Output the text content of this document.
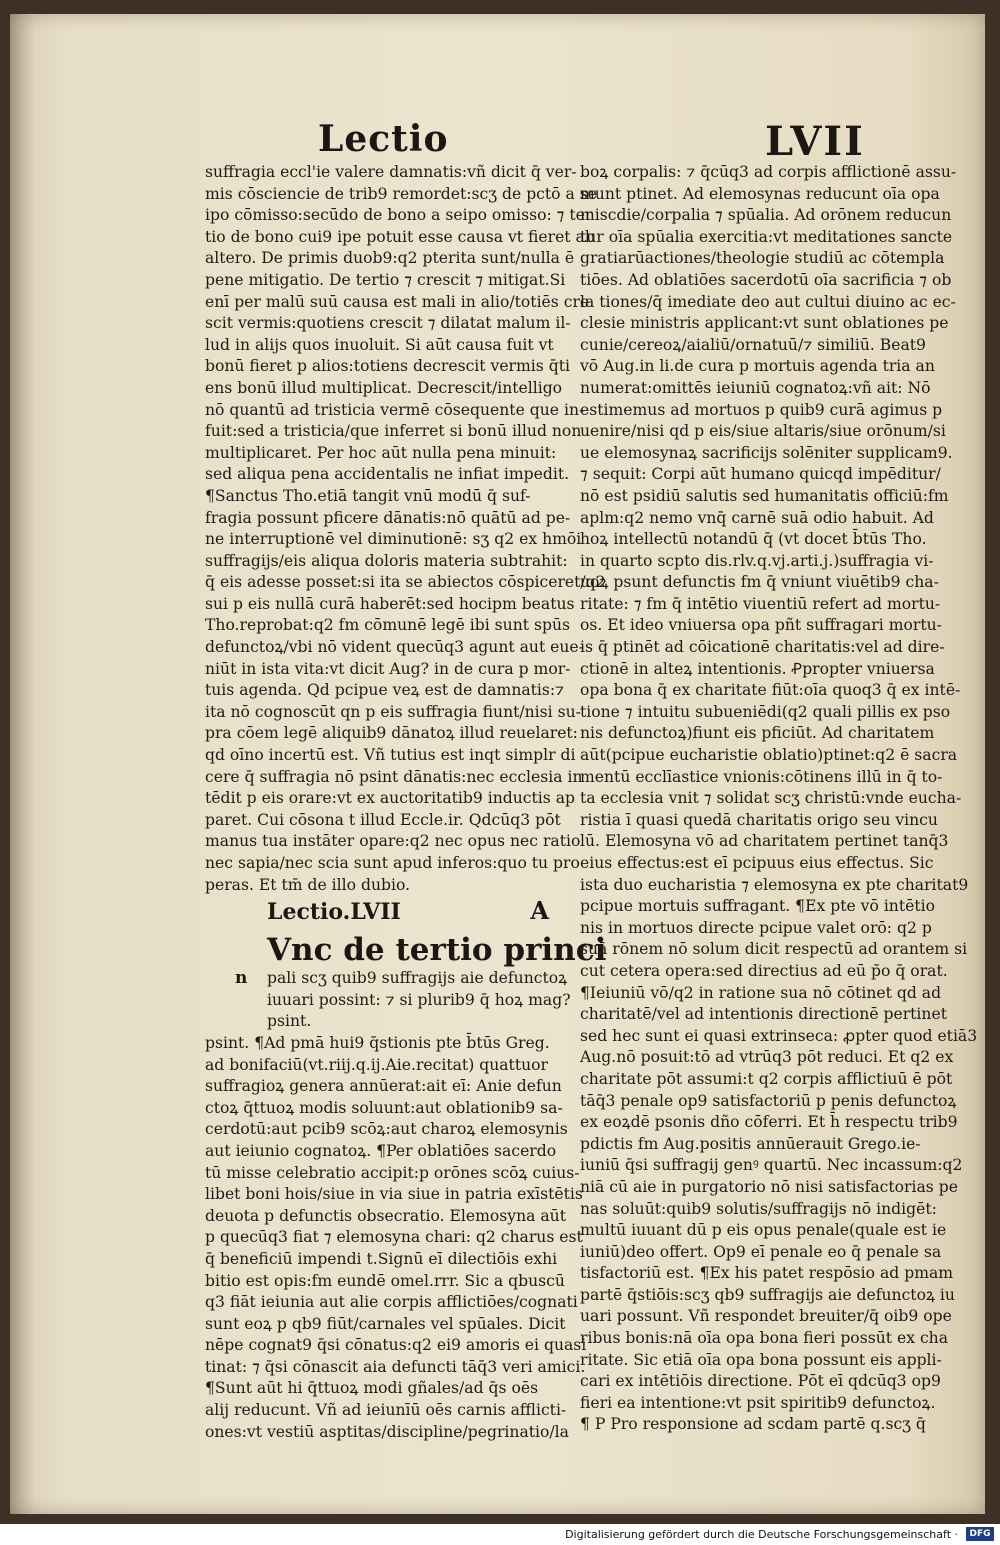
Lectio	LVII
suffragia eccl'ie valere damnatis:vñ dicit q̄ ver-
mis cōsciencie de trib9 remordet:scʒ de pctō a se
ipo cōmisso:secūdo de bono a seipo omisso: ⁊ ter
tio de bono cui9 ipe potuit esse causa vt fieret ab
altero. De primis duob9:q2 pterita sunt/nulla ē
pene mitigatio. De tertio ⁊ crescit ⁊ mitigat.Si
enī per malū suū causa est mali in alio/totiēs cre
scit vermis:quotiens crescit ⁊ dilatat malum il-
lud in alijs quos inuoluit. Si aūt causa fuit vt
bonū fieret p alios:totiens decrescit vermis q̄ti
ens bonū illud multiplicat. Decrescit/intelligo
nō quantū ad tristicia vermē cōsequente que in-
fuit:sed a tristicia/que inferret si bonū illud non
multiplicaret. Per hoc aūt nulla pena minuit:
sed aliqua pena accidentalis ne infiat impedit.
¶Sanctus Tho.etiā tangit vnū modū q̄ suf-
fragia possunt pficere dānatis:nō quātū ad pe-
ne interruptionē vel diminutionē: sʒ q2 ex hmōi
suffragijs/eis aliqua doloris materia subtrahit:
q̄ eis adesse posset:si ita se abiectos cōspiceret/q2
sui p eis nullā curā haberēt:sed hocipm beatus
Tho.reprobat:q2 fm cōmunē legē ibi sunt spūs
defunctoꝝ/vbi nō vident quecūq3 agunt aut eue-
niūt in ista vita:vt dicit Aug? in de cura p mor-
tuis agenda. Qd pcipue veꝝ est de damnatis:⁊
ita nō cognoscūt qn p eis suffragia fiunt/nisi su-
pra cōem legē aliquib9 dānatoꝝ illud reuelaret:
qd oīno incertū est. Vñ tutius est inqt simplr di
cere q̄ suffragia nō psint dānatis:nec ecclesia in
tēdit p eis orare:vt ex auctoritatib9 inductis ap
paret. Cui cōsona t illud Eccle.ir. Qdcūq3 pōt
manus tua instāter opare:q2 nec opus nec ratio
nec sapia/nec scia sunt apud inferos:quo tu pro
peras. Et tm̄ de illo dubio.
Lectio.LVII	A
Vnc de tertio princi
n	pali scʒ quib9 suffragijs aie defunctoꝝ
iuuari possint: ⁊ si plurib9 q̄ hoꝝ mag?
psint.
psint. ¶Ad pmā hui9 q̄stionis pte b̄tūs Greg.
ad bonifaciū(vt.riij.q.ij.Aie.recitat) quattuor
suffragioꝝ genera annūerat:ait eī: Anie defun
ctoꝝ q̄ttuoꝝ modis soluunt:aut oblationib9 sa-
cerdotū:aut pcib9 scōꝝ:aut charoꝝ elemosynis
aut ieiunio cognatoꝝ. ¶Per oblatiōes sacerdo
tū misse celebratio accipit:p orōnes scōꝝ cuius-
libet boni hois/siue in via siue in patria exīstētis
deuota p defunctis obsecratio. Elemosyna aūt
p quecūq3 fiat ⁊ elemosyna chari: q2 charus est
q̄ beneficiū impendi t.Signū eī dilectiōis exhi
bitio est opis:fm eundē omel.rrr. Sic a qbuscū
q3 fiāt ieiunia aut alie corpis afflictiōes/cognati
sunt eoꝝ p qb9 fiūt/carnales vel spūales. Dicit
nēpe cognat9 q̄si cōnatus:q2 ei9 amoris ei quasi
tinat: ⁊ q̄si cōnascit aia defuncti tāq̄3 veri amici.
¶Sunt aūt hi q̄ttuoꝝ modi gñales/ad q̄s oēs
alij reducunt. Vñ ad ieiunīū oēs carnis afflicti-
ones:vt vestiū asptitas/discipline/pegrinatio/la
boꝝ corpalis: ⁊ q̄cūq3 ad corpis afflictionē assu-
munt ptinet. Ad elemosynas reducunt oīa opa
miscdie/corpalia ⁊ spūalia. Ad orōnem reducun
tur oīa spūalia exercitia:vt meditationes sancte
gratiarūactiones/theologie studiū ac cōtempla
tiōes. Ad oblatiōes sacerdotū oīa sacrificia ⁊ ob
la tiones/q̄ imediate deo aut cultui diuino ac ec-
clesie ministris applicant:vt sunt oblationes pe
cunie/cereoꝝ/aialiū/ornatuū/⁊ similiū. Beat9
vō Aug.in li.de cura p mortuis agenda tria an
numerat:omittēs ieiuniū cognatoꝝ:vñ ait: Nō
estimemus ad mortuos p quib9 curā agimus p
uenire/nisi qd p eis/siue altaris/siue orōnum/si
ue elemosynaꝝ sacrificijs solēniter supplicam9.
⁊ sequit: Corpi aūt humano quicqd impēditur/
nō est psidiū salutis sed humanitatis officiū:fm
aplm:q2 nemo vnq̄ carnē suā odio habuit. Ad
hoꝝ intellectū notandū q̄ (vt docet b̄tūs Tho.
in quarto scpto dis.rlv.q.vj.arti.j.)suffragia vi-
uoꝝ psunt defunctis fm q̄ vniunt viuētib9 cha-
ritate: ⁊ fm q̄ intētio viuentiū refert ad mortu-
os. Et ideo vniuersa opa pñt suffragari mortu-
is q̄ ptinēt ad cōicationē charitatis:vel ad dire-
ctionē in alteꝝ intentionis. Ꝓpropter vniuersa
opa bona q̄ ex charitate fiūt:oīa quoq3 q̄ ex intē-
tione ⁊ intuitu subueniēdi(q2 quali pillis ex pso
nis defunctoꝝ)fiunt eis pficiūt. Ad charitatem
aūt(pcipue eucharistie oblatio)ptinet:q2 ē sacra
mentū ecclīastice vnionis:cōtinens illū in q̄ to-
ta ecclesia vnit ⁊ solidat scʒ christū:vnde eucha-
ristia ī quasi quedā charitatis origo seu vincu
lū. Elemosyna vō ad charitatem pertinet tanq̄3
eius effectus:est eī pcipuus eius effectus. Sic
ista duo eucharistia ⁊ elemosyna ex pte charitat9
pcipue mortuis suffragant. ¶Ex pte vō intētio
nis in mortuos directe pcipue valet orō: q2 p
suā rōnem nō solum dicit respectū ad orantem si
cut cetera opera:sed directius ad eū p̄o q̄ orat.
¶Ieiuniū vō/q2 in ratione sua nō cōtinet qd ad
charitatē/vel ad intentionis directionē pertinet
sed hec sunt ei quasi extrinseca: ꝓpter quod etiā3
Aug.nō posuit:tō ad vtrūq3 pōt reduci. Et q2 ex
charitate pōt assumi:t q2 corpis afflictiuū ē pōt
tāq̄3 penale op9 satisfactoriū p penis defunctoꝝ
ex eoꝝdē psonis dño cōferri. Et h̄ respectu trib9
pdictis fm Aug.positis annūerauit Grego.ie-
iuniū q̄si suffragij genꝰ quartū. Nec incassum:q2
niā cū aie in purgatorio nō nisi satisfactorias pe
nas soluūt:quib9 solutis/suffragijs nō indigēt:
multū iuuant dū p eis opus penale(quale est ie
iuniū)deo offert. Op9 eī penale eo q̄ penale sa
tisfactoriū est. ¶Ex his patet respōsio ad pmam
partē q̄stiōis:scʒ qb9 suffragijs aie defunctoꝝ iu
uari possunt. Vñ respondet breuiter/q̄ oib9 ope
ribus bonis:nā oīa opa bona fieri possūt ex cha
ritate. Sic etiā oīa opa bona possunt eis appli-
cari ex intētiōis directione. Pōt eī qdcūq3 op9
fieri ea intentione:vt psit spiritib9 defunctoꝝ.
¶ P Pro responsione ad scdam partē q.scʒ q̄
Digitalisierung gefördert durch die Deutsche Forschungsgemeinschaft ·	DFG
